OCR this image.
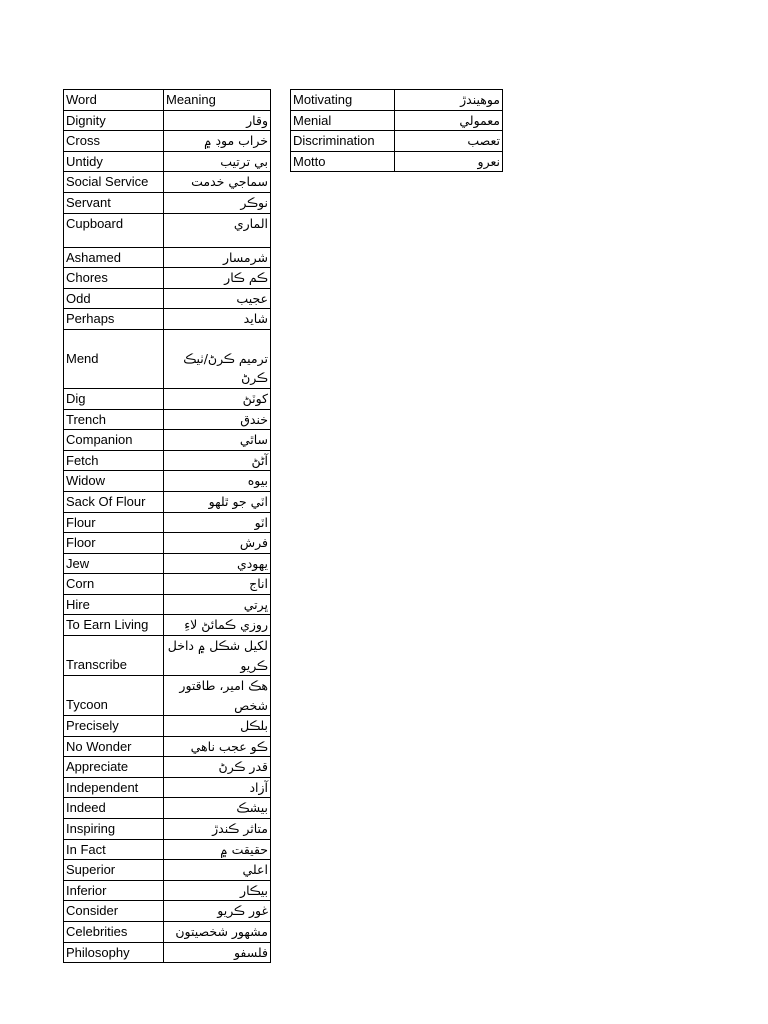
Word	Meaning
Dignity	وقار
Cross	خراب موڊ ۾
Untidy	بي ترتيب
Social Service	سماجي خدمت
Servant	نوڪر
Cupboard	الماري
Ashamed	شرمسار
Chores	ڪم ڪار
Odd	عجيب
Perhaps	شايد
Mend	ترميم ڪرڻ/ٺيڪ ڪرڻ
Dig	کوٽڻ
Trench	خندق
Companion	ساٿي
Fetch	آڻڻ
Widow	بيوه
Sack Of Flour	اٽي جو ٿلهو
Flour	اٽو
Floor	فرش
Jew	يهودي
Corn	اناج
Hire	ڀرتي
To Earn Living	روزي ڪمائڻ لاءِ
Transcribe	لکيل شڪل ۾ داخل ڪريو
Tycoon	هڪ امير، طاقتور شخص
Precisely	بلڪل
No Wonder	ڪو عجب ناهي
Appreciate	قدر ڪرڻ
Independent	آزاد
Indeed	بيشڪ
Inspiring	متاثر ڪندڙ
In Fact	حقيقت ۾
Superior	اعلي
Inferior	بيڪار
Consider	غور ڪريو
Celebrities	مشهور شخصيتون
Philosophy	فلسفو
Motivating	موهيندڙ
Menial	معمولي
Discrimination	تعصب
Motto	نعرو
